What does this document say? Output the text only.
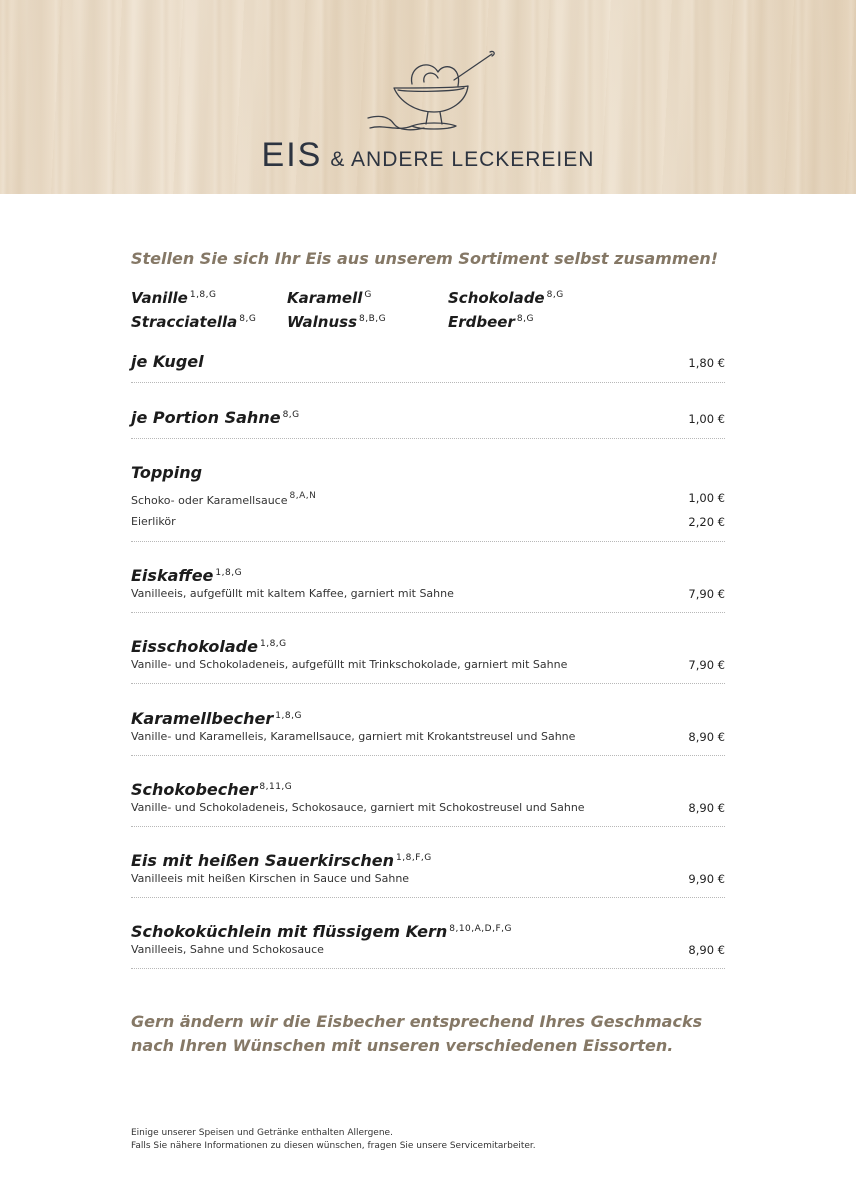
EIS & ANDERE LECKEREIEN
Stellen Sie sich Ihr Eis aus unserem Sortiment selbst zusammen!
Vanille $^{1,8,G}$	Karamell $^G$	Schokolade $^{8,G}$
Stracciatella $^{8,G}$ Walnuss $^{8,B,G}$	Erdbeer $^{8,G}$
je Kugel	1,80 €
je Portion Sahne $^{8,G}$	1,00 €
Topping
Schoko- oder Karamellsauce $^{8,A,N}$	1,00 €
Eierlikör	2,20 €
Eiskaffee $^{1,8,G}$
Vanilleeis, aufgefüllt mit kaltem Kaffee, garniert mit Sahne	7,90 €
Eisschokolade $^{1,8,G}$
Vanille- und Schokoladeneis, aufgefüllt mit Trinkschokolade, garniert mit Sahne	7,90 €
Karamellbecher $^{1,8,G}$
Vanille- und Karamelleis, Karamellsauce, garniert mit Krokantstreusel und Sahne	8,90 €
Schokobecher $^{8,11,G}$
Vanille- und Schokoladeneis, Schokosauce, garniert mit Schokostreusel und Sahne	8,90 €
Eis mit heißen Sauerkirschen $^{1,8,F,G}$
Vanilleeis mit heißen Kirschen in Sauce und Sahne	9,90 €
Schokoküchlein mit flüssigem Kern $^{8,10,A,D,F,G}$
Vanilleeis, Sahne und Schokosauce	8,90 €
Gern ändern wir die Eisbecher entsprechend Ihres Geschmacks
nach Ihren Wünschen mit unseren verschiedenen Eissorten.
Einige unserer Speisen und Getränke enthalten Allergene.
Falls Sie nähere Informationen zu diesen wünschen, fragen Sie unsere Servicemitarbeiter.
